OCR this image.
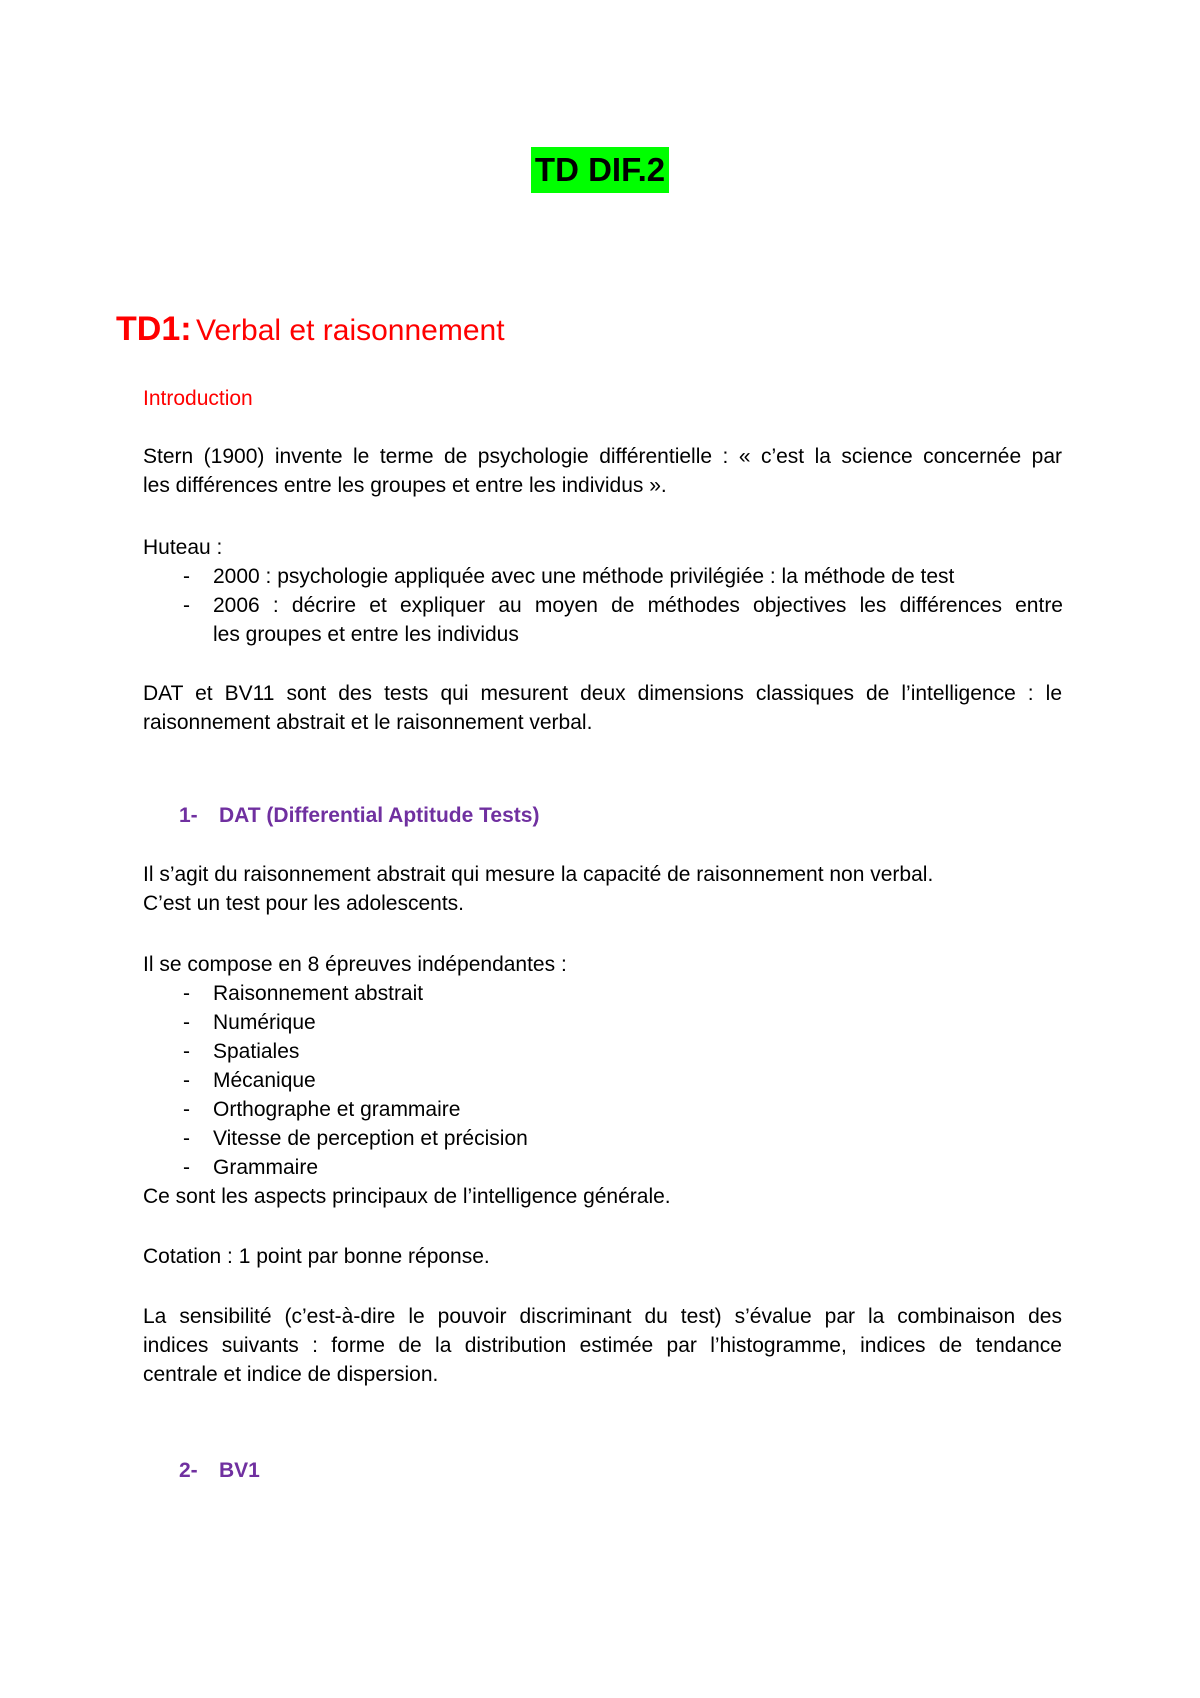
TD DIF.2
TD1: Verbal et raisonnement
Introduction
Stern (1900) invente le terme de psychologie différentielle : « c’est la science concernée par
les différences entre les groupes et entre les individus ».
Huteau :
- 2000 : psychologie appliquée avec une méthode privilégiée : la méthode de test
- 2006 : décrire et expliquer au moyen de méthodes objectives les différences entre
les groupes et entre les individus
DAT et BV11 sont des tests qui mesurent deux dimensions classiques de l’intelligence : le
raisonnement abstrait et le raisonnement verbal.
1- DAT (Differential Aptitude Tests)
Il s’agit du raisonnement abstrait qui mesure la capacité de raisonnement non verbal.
C’est un test pour les adolescents.
Il se compose en 8 épreuves indépendantes :
- Raisonnement abstrait
- Numérique
- Spatiales
- Mécanique
- Orthographe et grammaire
- Vitesse de perception et précision
- Grammaire
Ce sont les aspects principaux de l’intelligence générale.
Cotation : 1 point par bonne réponse.
La sensibilité (c’est-à-dire le pouvoir discriminant du test) s’évalue par la combinaison des
indices suivants : forme de la distribution estimée par l’histogramme, indices de tendance
centrale et indice de dispersion.
2- BV1
